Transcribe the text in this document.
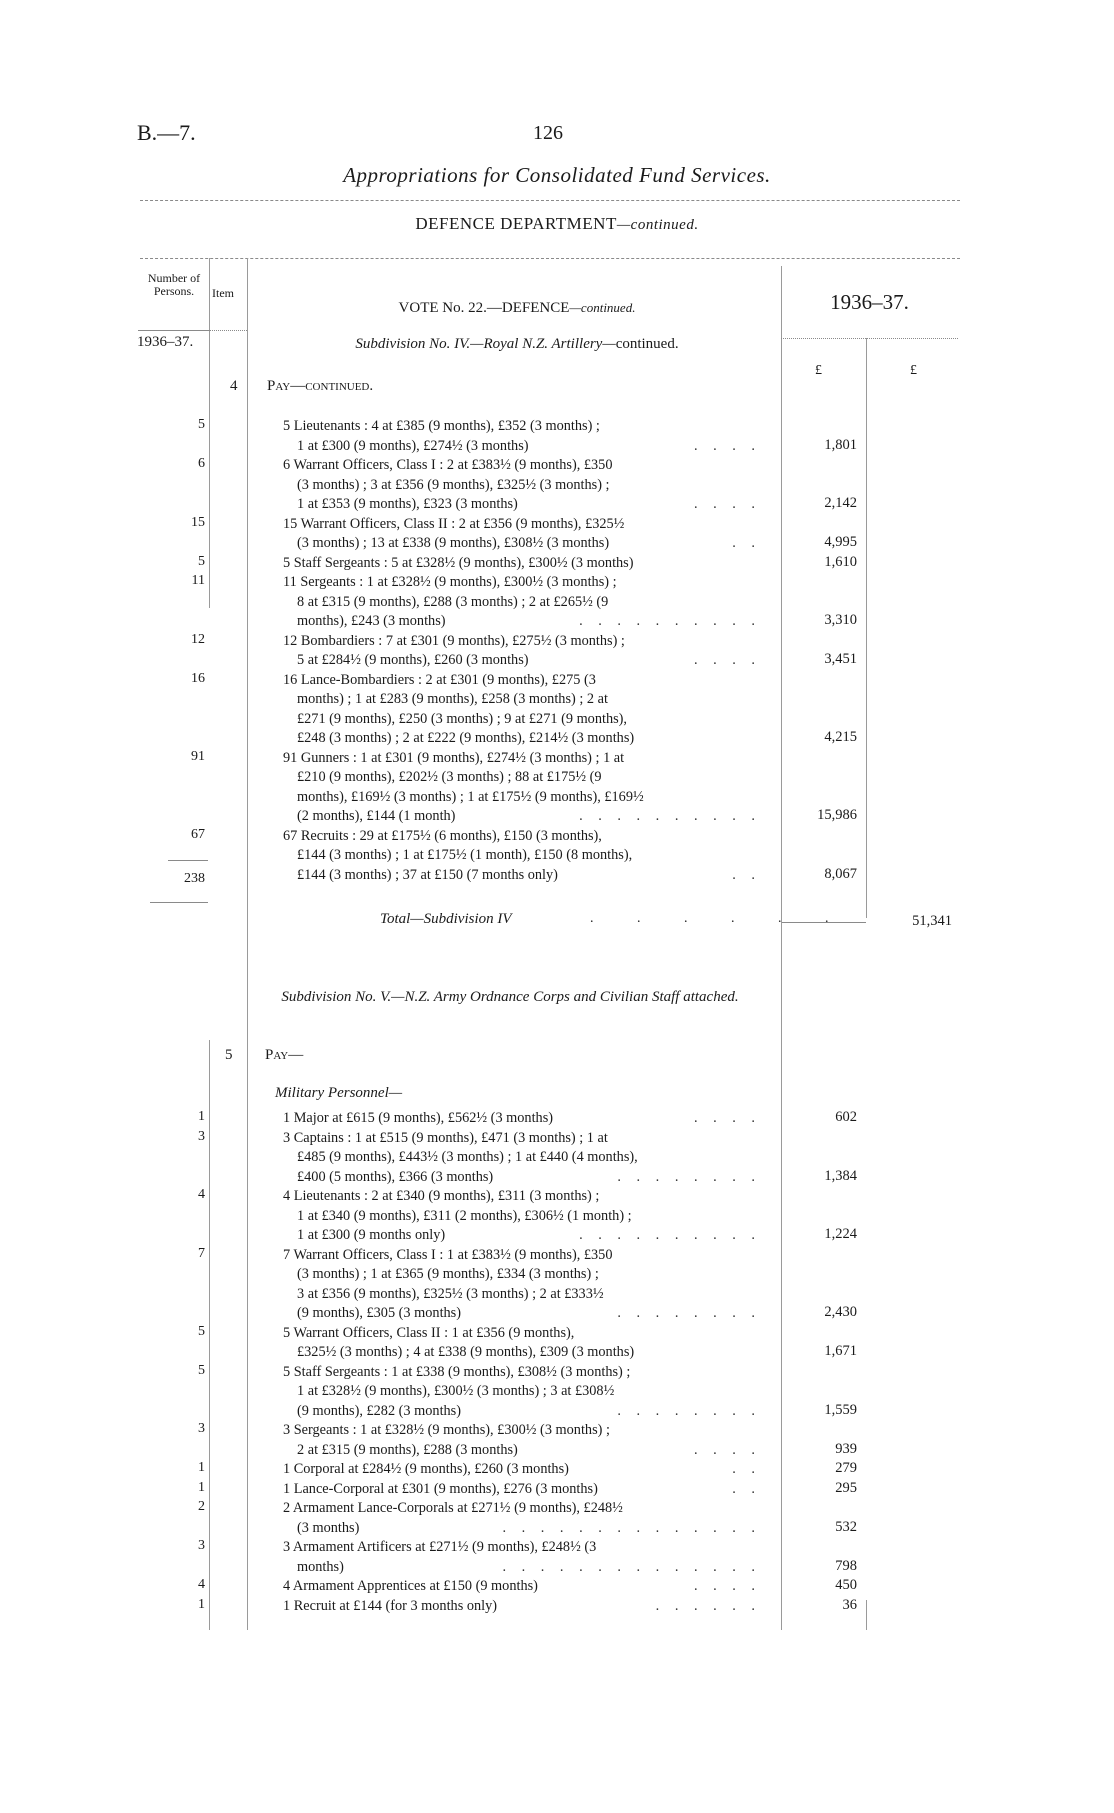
B.—7.	126
Appropriations for Consolidated Fund Services.
DEFENCE DEPARTMENT—continued.
Number of Persons.	Item
VOTE No. 22.—DEFENCE—continued.	1936–37.
1936–37.	Subdivision No. IV.—Royal N.Z. Artillery—continued.
£	£
4 Pay—continued.
5	5 Lieutenants : 4 at £385 (9 months), £352 (3 months) ;
1 at £300 (9 months), £274½ (3 months)	. . . .	1,801
6	6 Warrant Officers, Class I : 2 at £383½ (9 months), £350
(3 months) ; 3 at £356 (9 months), £325½ (3 months) ;
1 at £353 (9 months), £323 (3 months)	. . . .	2,142
15	15 Warrant Officers, Class II : 2 at £356 (9 months), £325½
(3 months) ; 13 at £338 (9 months), £308½ (3 months)	. .	4,995
5	5 Staff Sergeants : 5 at £328½ (9 months), £300½ (3 months)	1,610
11	11 Sergeants : 1 at £328½ (9 months), £300½ (3 months) ;
8 at £315 (9 months), £288 (3 months) ; 2 at £265½ (9
months), £243 (3 months)	. . . . . . . . . .	3,310
12	12 Bombardiers : 7 at £301 (9 months), £275½ (3 months) ;
5 at £284½ (9 months), £260 (3 months)	. . . .	3,451
16	16 Lance-Bombardiers : 2 at £301 (9 months), £275 (3
months) ; 1 at £283 (9 months), £258 (3 months) ; 2 at
£271 (9 months), £250 (3 months) ; 9 at £271 (9 months),
£248 (3 months) ; 2 at £222 (9 months), £214½ (3 months)	4,215
91	91 Gunners : 1 at £301 (9 months), £274½ (3 months) ; 1 at
£210 (9 months), £202½ (3 months) ; 88 at £175½ (9
months), £169½ (3 months) ; 1 at £175½ (9 months), £169½
(2 months), £144 (1 month)	. . . . . . . . . .	15,986
67	67 Recruits : 29 at £175½ (6 months), £150 (3 months),
£144 (3 months) ; 1 at £175½ (1 month), £150 (8 months),
£144 (3 months) ; 37 at £150 (7 months only)	. .	8,067
238
Total—Subdivision IV	. . . . . .	51,341
Subdivision No. V.—N.Z. Army Ordnance Corps and Civilian Staff attached.
5 Pay—
Military Personnel—
1	1 Major at £615 (9 months), £562½ (3 months)	. . . .	602
3	3 Captains : 1 at £515 (9 months), £471 (3 months) ; 1 at
£485 (9 months), £443½ (3 months) ; 1 at £440 (4 months),
£400 (5 months), £366 (3 months)	. . . . . . . .	1,384
4	4 Lieutenants : 2 at £340 (9 months), £311 (3 months) ;
1 at £340 (9 months), £311 (2 months), £306½ (1 month) ;
1 at £300 (9 months only)	. . . . . . . . . .	1,224
7	7 Warrant Officers, Class I : 1 at £383½ (9 months), £350
(3 months) ; 1 at £365 (9 months), £334 (3 months) ;
3 at £356 (9 months), £325½ (3 months) ; 2 at £333½
(9 months), £305 (3 months)	. . . . . . . .	2,430
5	5 Warrant Officers, Class II : 1 at £356 (9 months),
£325½ (3 months) ; 4 at £338 (9 months), £309 (3 months)	1,671
5	5 Staff Sergeants : 1 at £338 (9 months), £308½ (3 months) ;
1 at £328½ (9 months), £300½ (3 months) ; 3 at £308½
(9 months), £282 (3 months)	. . . . . . . .	1,559
3	3 Sergeants : 1 at £328½ (9 months), £300½ (3 months) ;
2 at £315 (9 months), £288 (3 months)	. . . .	939
1	1 Corporal at £284½ (9 months), £260 (3 months)	. .	279
1	1 Lance-Corporal at £301 (9 months), £276 (3 months)	. .	295
2	2 Armament Lance-Corporals at £271½ (9 months), £248½
(3 months)	. . . . . . . . . . . . . .	532
3	3 Armament Artificers at £271½ (9 months), £248½ (3
months)	. . . . . . . . . . . . . .	798
4	4 Armament Apprentices at £150 (9 months)	. . . .	450
1	1 Recruit at £144 (for 3 months only)	. . . . . .	36
